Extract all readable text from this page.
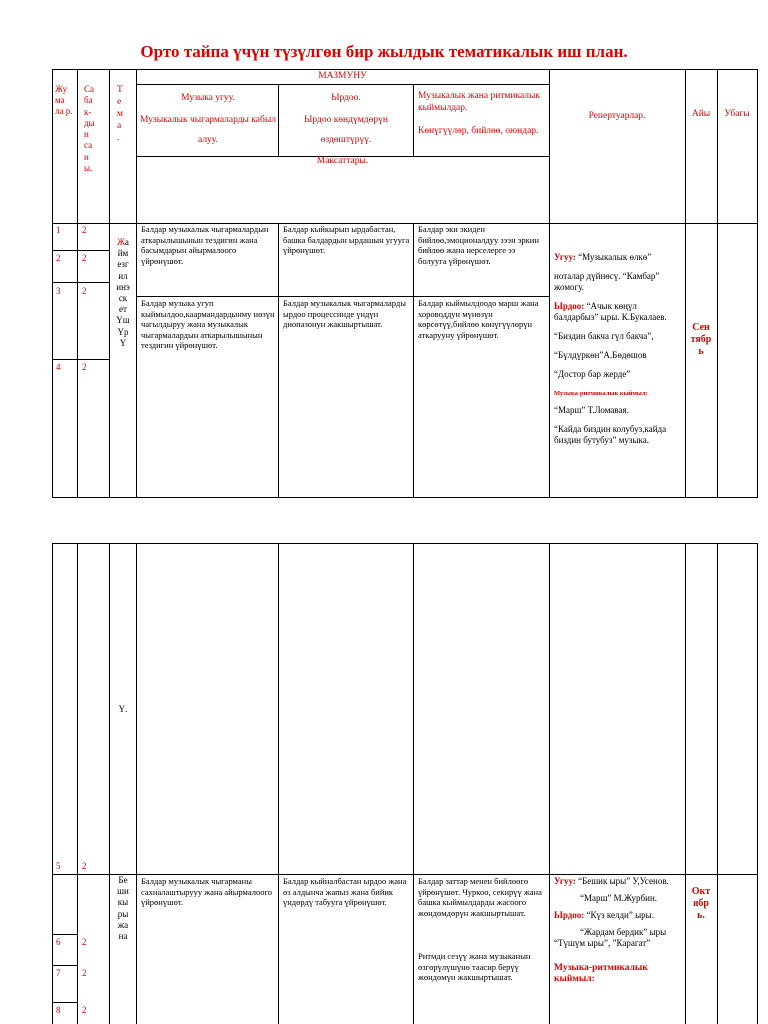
Орто тайпа үчүн түзүлгөн бир жылдык тематикалык иш план.
Жу ма ла р.
Са ба к- ды н са н ы.
Т е м а .
МАЗМУНУ
Музыка угуу.
Музыкалык чыгармаларды кабыл алуу.
Ырдоо.
Ырдоо көндүмдөрүн өздөштүрүү.
Музыкалык жана ритмикалык кыймылдар.
Көнүгүүлөр, бийлөө, оюндар.
Максаттары.
Репертуарлар.	Айы	Убагы
1 2
2 2
3 2
4 2
Жайм езгилинэск етҮшҮрҮ
Балдар музыкалык чыгармалардын аткарылышынын тездигин жана басымдарын айырмалоого үйрөнүшөт.
Балдар кыйкырып ырдабастан, башка балдардын ырдашын угууга үйрөнүшөт.
Балдар эки экиден бийлөө,эмоционалдуу зээн эркин бийлөө жана нерселерге ээ болууга үйрөнүшөт.
Балдар музыка угуп кыймылдоо,каармандардынму нөзүн чагылдыруу жана музыкалык чыгармалардын аткарылышынын тездигин үйрөнүшөт.
Балдар музыкалык чыгармаларды ырдоо процессинде үндүн диопазонун жакшыртышат.
Балдар кыймылдоодо марш жана хороводдун мүнөзүн көрсөтүү,бийлөө көнүгүүлөрүн аткарууну үйрөнүшөт.

Угуу: “Музыкалык өлкө”

ноталар дүйнөсү. “Камбар” жомогу.

Ырдоо: “Ачык көңүл балдарбыз” ыры. К.Букалаев.

“Биздин бакча гүл бакча”,

“Бүлдүркөн”А.Бөдөшов

“Достор бар жерде”

Музыка-ритмикалык кыймыл:

“Марш” Т.Ломавая.

“Кайда биздин колубуз,кайда биздин бутубуз” музыка.

Сентябрь
Ү.
5 2
6 2
7 2
8 2
Бешикырыжана
Балдар музыкалык чыгарманы сахналаштырууу жана айырмалоого үйрөнүшөт.
Балдар кыйналбастан ырдоо жана өз алдынча жапыз жана бийик үндөрдү табууга үйрөнүшөт.
Балдар заттар менен бийлөөгө үйрөнүшөт. Чуркоо, секирүү жана башка кыймылдарды жасоого жөндөмдөрүн жакшыртышат.
Ритмди сезүү жана музыканын өзгөрүлүшүнө таасир берүү жөндөмүн жакшыртышат.

Угуу: “Бешик ыры” У,Усенов.

“Марш” М.Журбин.

Ырдоо: “Күз келди” ыры.

“Жардам бердик” ыры “Түшүм ыры”, ”Карагат”

Музыка-ритмикалык кыймыл:

Октябрь.
